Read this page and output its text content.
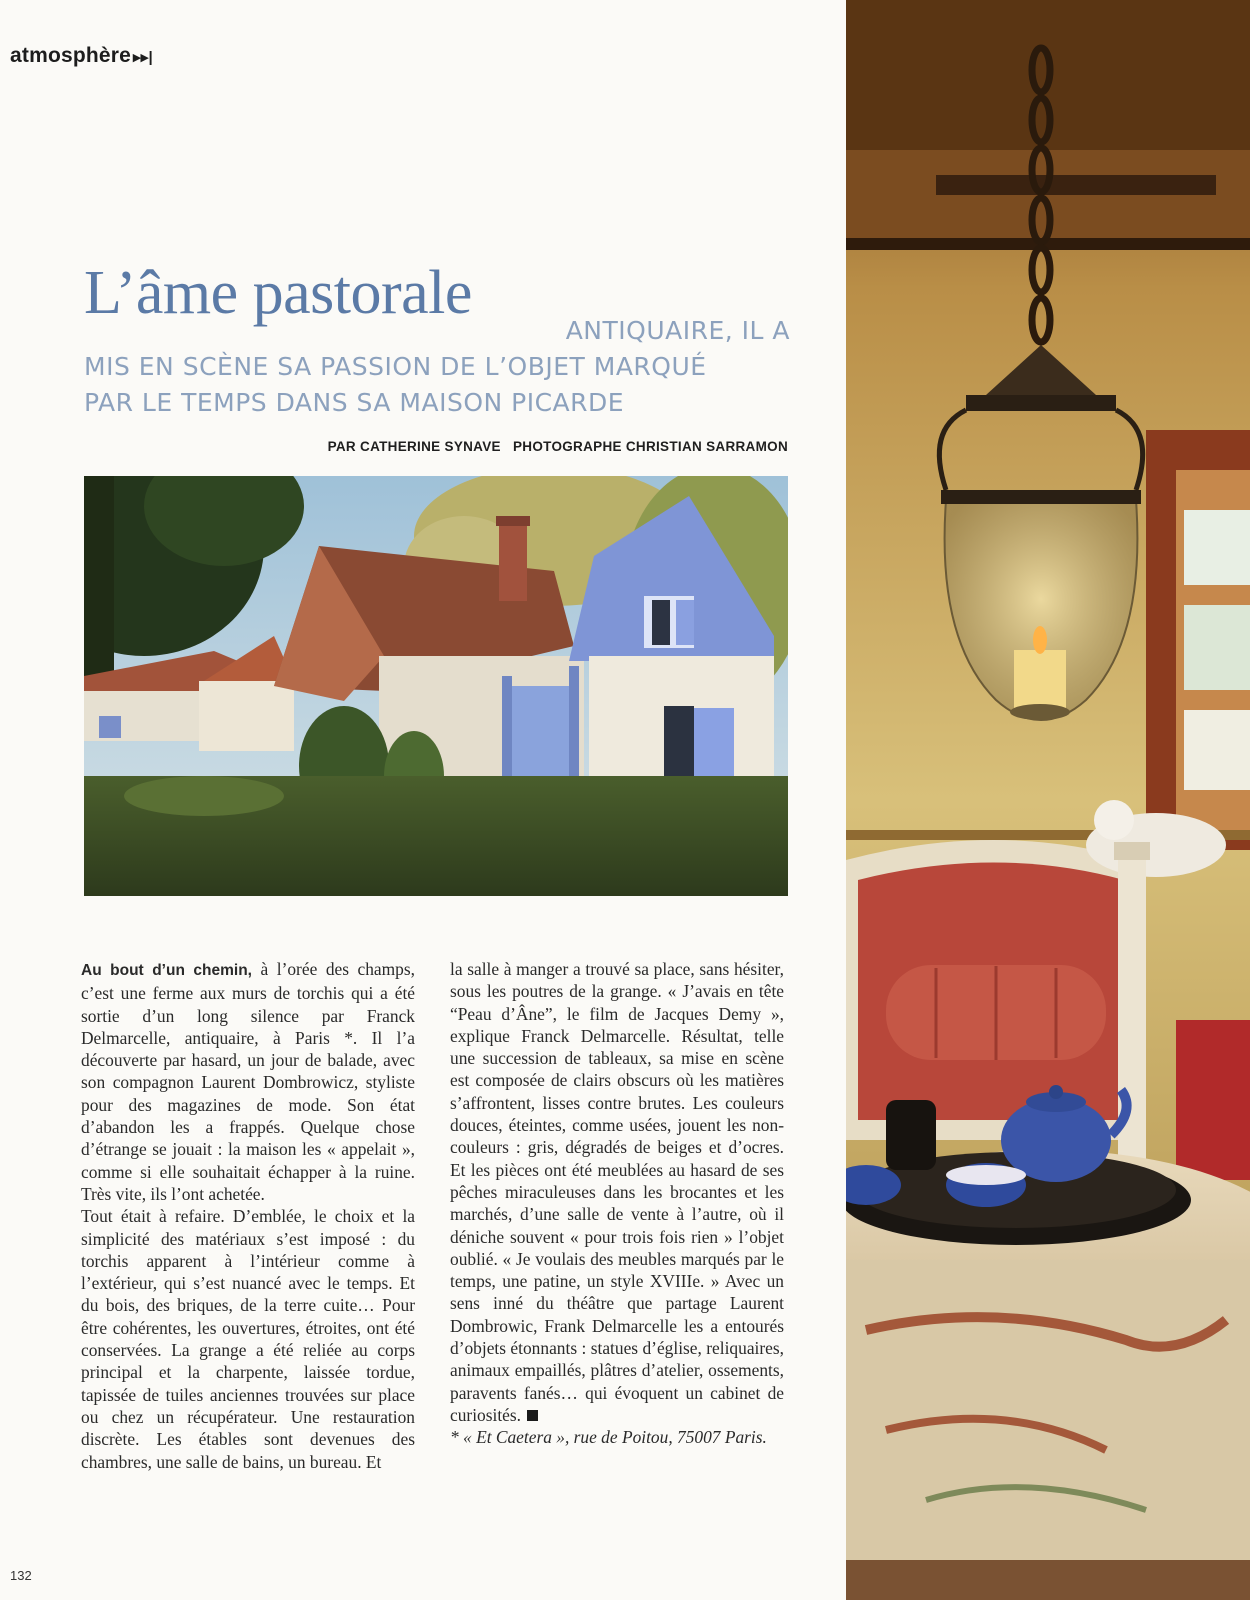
atmosphère ▸▸|
L’âme pastorale
ANTIQUAIRE, IL A
MIS EN SCÈNE SA PASSION DE L’OBJET MARQUÉ
PAR LE TEMPS DANS SA MAISON PICARDE
PAR CATHERINE SYNAVE   PHOTOGRAPHE CHRISTIAN SARRAMON

Au bout d’un chemin, à l’orée des champs, c’est une ferme aux murs de torchis qui a été sortie d’un long silence par Franck Delmarcelle, antiquaire, à Paris *. Il l’a découverte par hasard, un jour de balade, avec son compagnon Laurent Dombrowicz, styliste pour des magazines de mode. Son état d’abandon les a frappés. Quelque chose d’étrange se jouait : la maison les « appelait », comme si elle souhaitait échapper à la ruine. Très vite, ils l’ont achetée.

Tout était à refaire. D’emblée, le choix et la simplicité des matériaux s’est imposé : du torchis apparent à l’intérieur comme à l’extérieur, qui s’est nuancé avec le temps. Et du bois, des briques, de la terre cuite… Pour être cohérentes, les ouvertures, étroites, ont été conservées. La grange a été reliée au corps principal et la charpente, laissée tordue, tapissée de tuiles anciennes trouvées sur place ou chez un récupérateur. Une restauration discrète. Les étables sont devenues des chambres, une salle de bains, un bureau. Et

la salle à manger a trouvé sa place, sans hésiter, sous les poutres de la grange. « J’avais en tête “Peau d’Âne”, le film de Jacques Demy », explique Franck Delmarcelle. Résultat, telle une succession de tableaux, sa mise en scène est composée de clairs obscurs où les matières s’affrontent, lisses contre brutes. Les couleurs douces, éteintes, comme usées, jouent les non-couleurs : gris, dégradés de beiges et d’ocres. Et les pièces ont été meublées au hasard de ses pêches miraculeuses dans les brocantes et les marchés, d’une salle de vente à l’autre, où il déniche souvent « pour trois fois rien » l’objet oublié. « Je voulais des meubles marqués par le temps, une patine, un style XVIIIe. » Avec un sens inné du théâtre que partage Laurent Dombrowic, Frank Delmarcelle les a entourés d’objets étonnants : statues d’église, reliquaires, animaux empaillés, plâtres d’atelier, ossements, paravents fanés… qui évoquent un cabinet de curiosités.

* « Et Caetera », rue de Poitou, 75007 Paris.

132
